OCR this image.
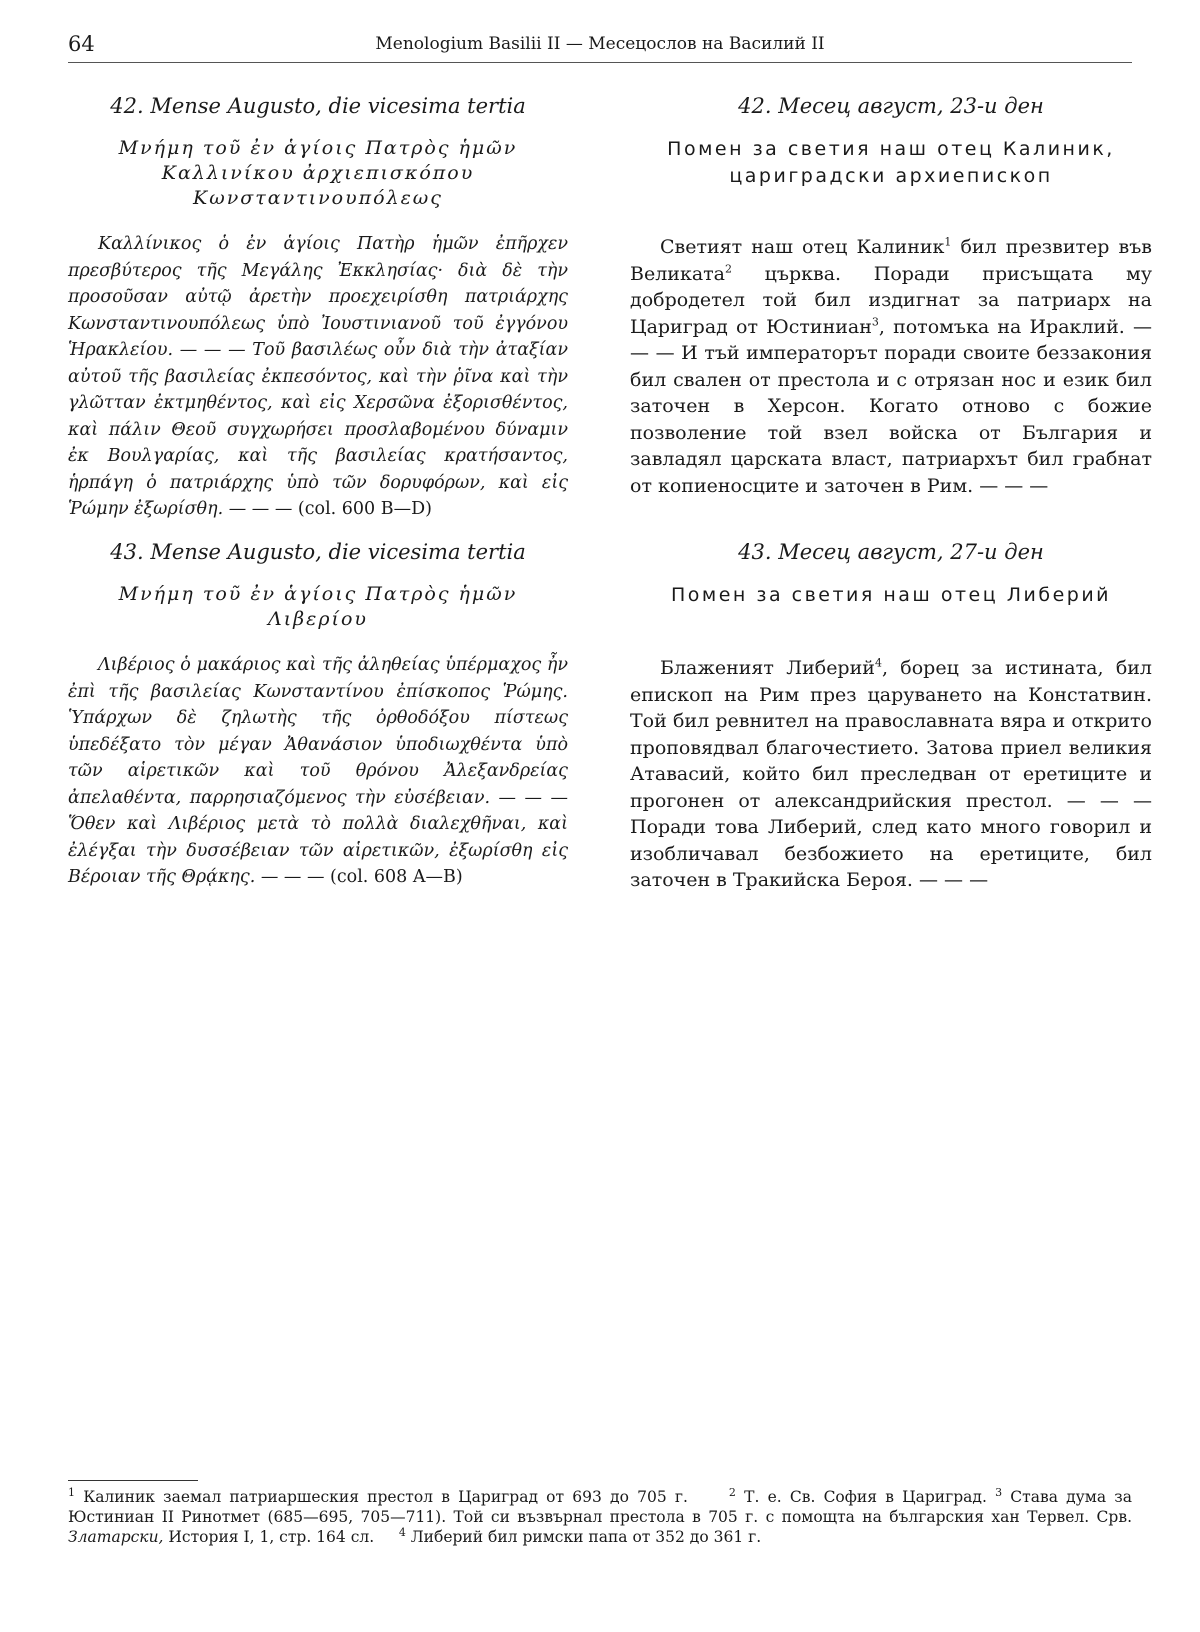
64	Menologium Basilii II — Месецослов на Василий II

42. Mense Augusto, die vicesima tertia

Μνήμη τοῦ ἐν ἁγίοις Πατρὸς ἡμῶν
Καλλινίκου ἀρχιεπισκόπου
Κωνσταντινουπόλεως

Καλλίνικος ὁ ἐν ἁγίοις Πατὴρ ἡμῶν ἐπῆρχεν πρεσβύτερος τῆς Μεγάλης Ἐκκλησίας· διὰ δὲ τὴν προσοῦσαν αὐτῷ ἀρετὴν προεχειρίσθη πατριάρχης Κωνσταντινουπόλεως ὑπὸ Ἰουστινιανοῦ τοῦ ἐγγόνου Ἡρακλείου. — — — Τοῦ βασιλέως οὖν διὰ τὴν ἀταξίαν αὐτοῦ τῆς βασιλείας ἐκπεσόντος, καὶ τὴν ῥῖνα καὶ τὴν γλῶτταν ἐκτμηθέντος, καὶ εἰς Χερσῶνα ἐξορισθέντος, καὶ πάλιν Θεοῦ συγχωρήσει προσλαβομένου δύναμιν ἐκ Βουλγαρίας, καὶ τῆς βασιλείας κρατήσαντος, ἡρπάγη ὁ πατριάρχης ὑπὸ τῶν δορυφόρων, καὶ εἰς Ῥώμην ἐξωρίσθη. — — — (col. 600 B—D)

43. Mense Augusto, die vicesima tertia

Μνήμη τοῦ ἐν ἁγίοις Πατρὸς ἡμῶν
Λιβερίου

Λιβέριος ὁ μακάριος καὶ τῆς ἀληθείας ὑπέρμαχος ἦν ἐπὶ τῆς βασιλείας Κωνσταντίνου ἐπίσκοπος Ῥώμης. Ὑπάρχων δὲ ζηλωτὴς τῆς ὀρθοδόξου πίστεως ὑπεδέξατο τὸν μέγαν Ἀθανάσιον ὑποδιωχθέντα ὑπὸ τῶν αἱρετικῶν καὶ τοῦ θρόνου Ἀλεξανδρείας ἀπελαθέντα, παρρησιαζόμενος τὴν εὐσέβειαν. — — — Ὅθεν καὶ Λιβέριος μετὰ τὸ πολλὰ διαλεχθῆναι, καὶ ἐλέγξαι τὴν δυσσέβειαν τῶν αἱρετικῶν, ἐξωρίσθη εἰς Βέροιαν τῆς Θρᾴκης. — — — (col. 608 A—B)

42. Месец август, 23-и ден

Помен за светия наш отец Калиник,
цариградски архиепископ

Светият наш отец Калиник$^1$ бил презвитер във Великата$^2$ църква. Поради присъщата му добродетел той бил издигнат за патриарх на Цариград от Юстиниан$^3$, потомъка на Ираклий. — — — И тъй императорът поради своите беззакония бил свален от престола и с отрязан нос и език бил заточен в Херсон. Когато отново с божие позволение той взел войска от България и завладял царската власт, патриархът бил грабнат от копиеносците и заточен в Рим. — — —

43. Месец август, 27-и ден

Помен за светия наш отец Либерий

Блаженият Либерий$^4$, борец за истината, бил епископ на Рим през царуването на Констатвин. Той бил ревнител на православната вяра и открито проповядвал благочестието. Затова приел великия Атавасий, който бил преследван от еретиците и прогонен от александрийския престол. — — — Поради това Либерий, след като много говорил и изобличавал безбожието на еретиците, бил заточен в Тракийска Бероя. — — —

$^1$ Калиник заемал патриаршеския престол в Цариград от 693 до 705 г.	$^2$ Т. е. Св. София в Цариград. $^3$ Става дума за Юстиниан II Ринотмет (685—695, 705—711). Той си възвърнал престола в 705 г. с помощта на българския хан Тервел. Срв. Златарски, История I, 1, стр. 164 сл. $^4$ Либерий бил римски папа от 352 до 361 г.
